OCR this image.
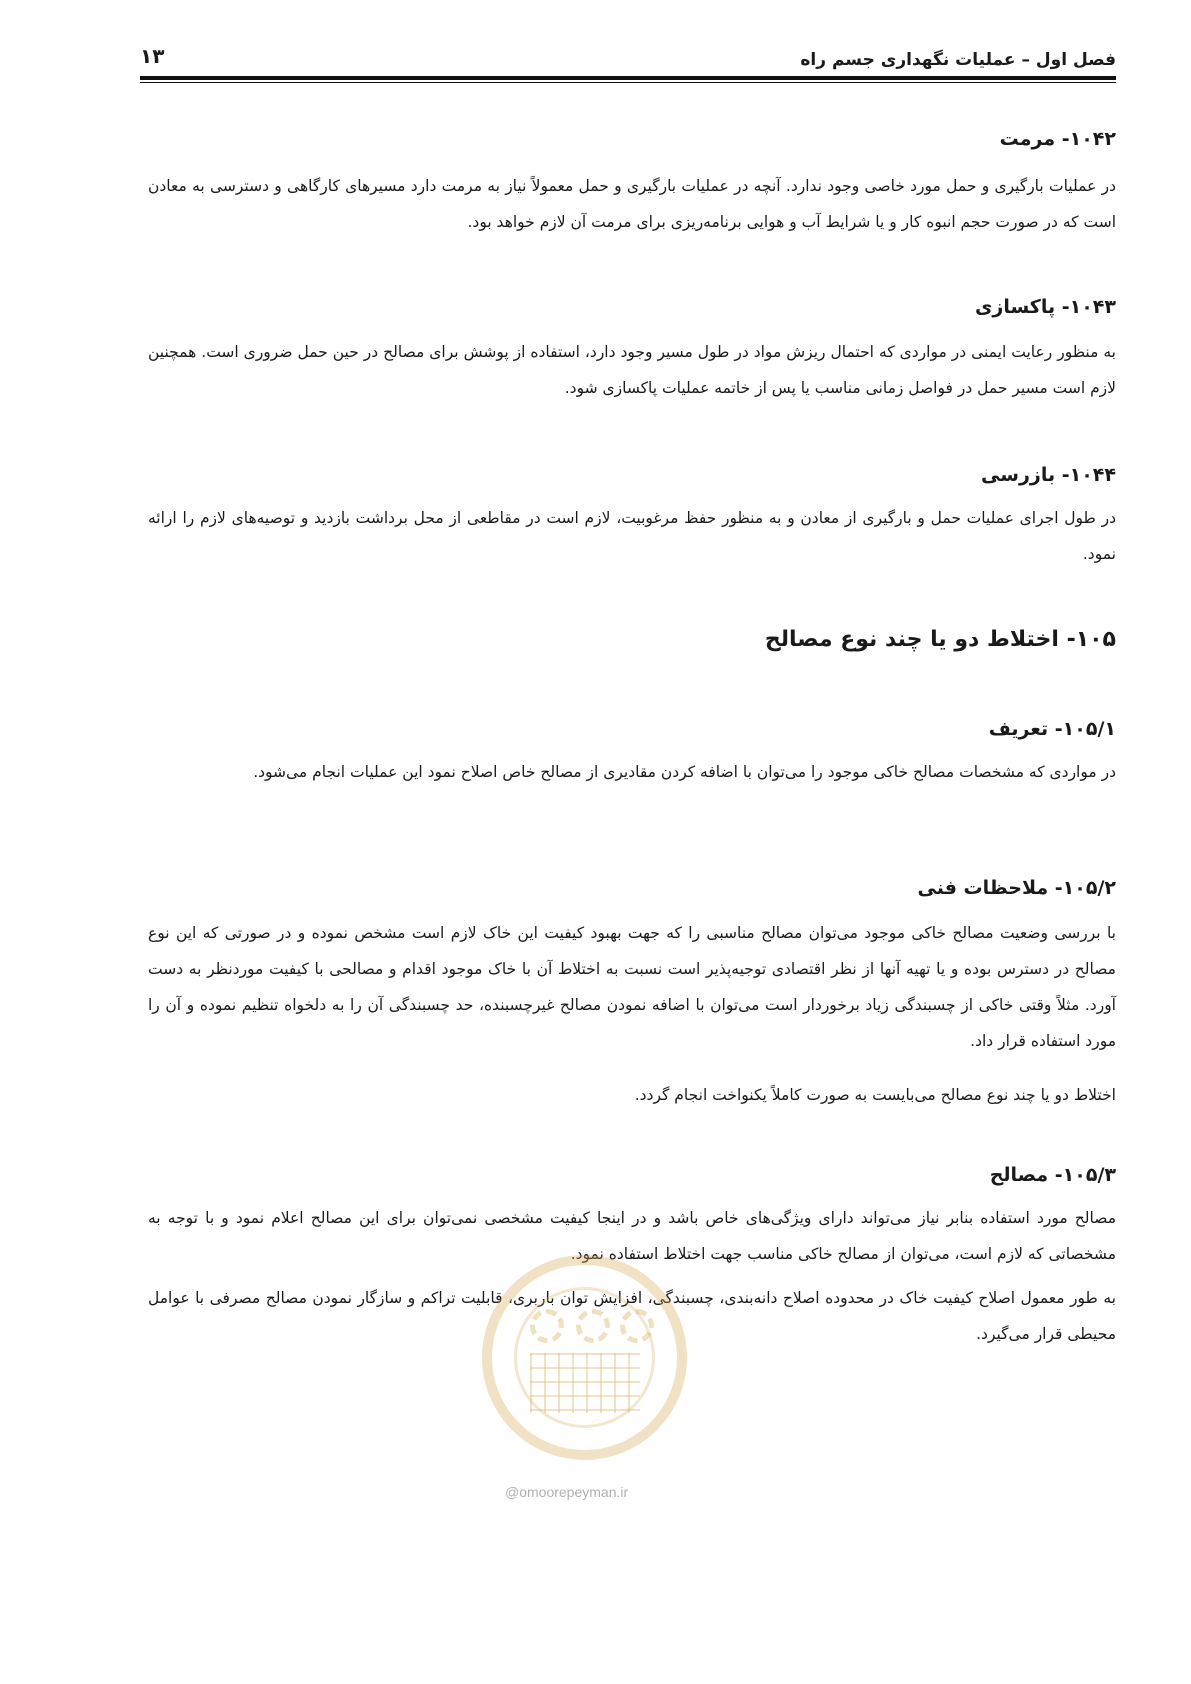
فصل اول – عملیات نگهداری جسم راه
۱۳
۱۰۴۲- مرمت
در عملیات بارگیری و حمل مورد خاصی وجود ندارد. آنچه در عملیات بارگیری و حمل معمولاً نیاز به مرمت دارد مسیرهای کارگاهی و دسترسی به معادن است که در صورت حجم انبوه کار و یا شرایط آب و هوایی برنامه‌ریزی برای مرمت آن لازم خواهد بود.
۱۰۴۳- پاکسازی
به منظور رعایت ایمنی در مواردی که احتمال ریزش مواد در طول مسیر وجود دارد، استفاده از پوشش برای مصالح در حین حمل ضروری است. همچنین لازم است مسیر حمل در فواصل زمانی مناسب یا پس از خاتمه عملیات پاکسازی شود.
۱۰۴۴- بازرسی
در طول اجرای عملیات حمل و بارگیری از معادن و به منظور حفظ مرغوبیت، لازم است در مقاطعی از محل برداشت بازدید و توصیه‌های لازم را ارائه نمود.
۱۰۵- اختلاط دو یا چند نوع مصالح
۱۰۵/۱- تعریف
در مواردی که مشخصات مصالح خاکی موجود را می‌توان با اضافه کردن مقادیری از مصالح خاص اصلاح نمود این عملیات انجام می‌شود.
۱۰۵/۲- ملاحظات فنی
با بررسی وضعیت مصالح خاکی موجود می‌توان مصالح مناسبی را که جهت بهبود کیفیت این خاک لازم است مشخص نموده و در صورتی که این نوع مصالح در دسترس بوده و یا تهیه آنها از نظر اقتصادی توجیه‌پذیر است نسبت به اختلاط آن با خاک موجود اقدام و مصالحی با کیفیت موردنظر به دست آورد. مثلاً وقتی خاکی از چسبندگی زیاد برخوردار است می‌توان با اضافه نمودن مصالح غیرچسبنده، حد چسبندگی آن را به دلخواه تنظیم نموده و آن را مورد استفاده قرار داد.
اختلاط دو یا چند نوع مصالح می‌بایست به صورت کاملاً یکنواخت انجام گردد.
۱۰۵/۳- مصالح
مصالح مورد استفاده بنابر نیاز می‌تواند دارای ویژگی‌های خاص باشد و در اینجا کیفیت مشخصی نمی‌توان برای این مصالح اعلام نمود و با توجه به مشخصاتی که لازم است، می‌توان از مصالح خاکی مناسب جهت اختلاط استفاده نمود.
به طور معمول اصلاح کیفیت خاک در محدوده اصلاح دانه‌بندی، چسبندگی، افزایش توان باربری، قابلیت تراکم و سازگار نمودن مصالح مصرفی با عوامل محیطی قرار می‌گیرد.
@omoorepeyman.ir
